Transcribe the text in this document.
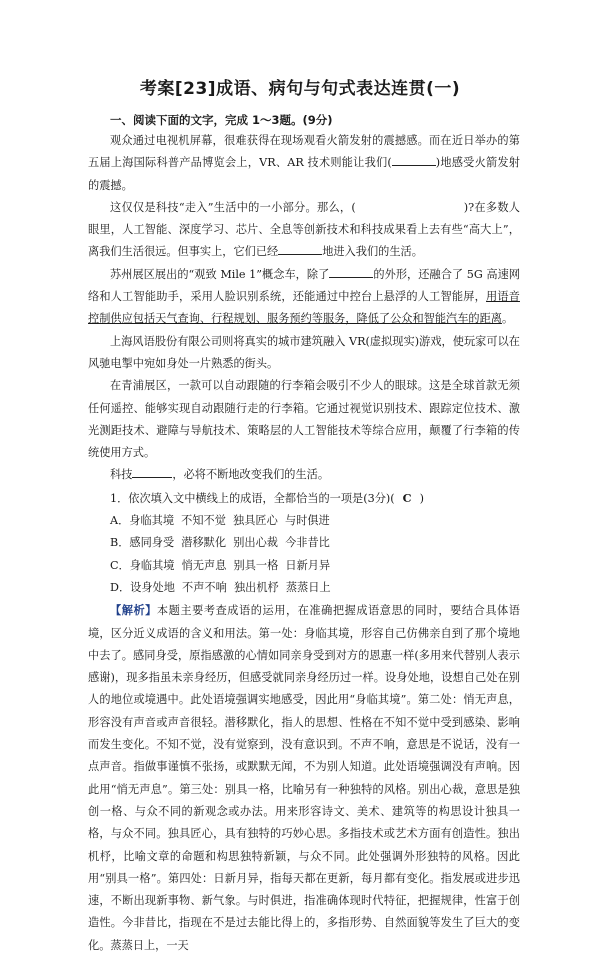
考案[23]成语、病句与句式表达连贯(一)
一、阅读下面的文字，完成 1～3题。(9分)

观众通过电视机屏幕，很难获得在现场观看火箭发射的震撼感。而在近日举办的第五届上海国际科普产品博览会上，VR、AR 技术则能让我们(	)地感受火箭发射的震撼。

这仅仅是科技“走入”生活中的一小部分。那么，(	)?在多数人眼里，人工智能、深度学习、芯片、全息等创新技术和科技成果看上去有些“高大上”，离我们生活很远。但事实上，它们已经	地进入我们的生活。

苏州展区展出的“观致 Mile 1”概念车，除了	的外形，还融合了 5G 高速网络和人工智能助手，采用人脸识别系统，还能通过中控台上悬浮的人工智能屏，用语音控制供应包括天气查询、行程规划、服务预约等服务，降低了公众和智能汽车的距离。

上海风语股份有限公司则将真实的城市建筑融入 VR(虚拟现实)游戏，使玩家可以在风驰电掣中宛如身处一片熟悉的街头。

在青浦展区，一款可以自动跟随的行李箱会吸引不少人的眼球。这是全球首款无须任何遥控、能够实现自动跟随行走的行李箱。它通过视觉识别技术、跟踪定位技术、激光测距技术、避障与导航技术、策略层的人工智能技术等综合应用，颠覆了行李箱的传统使用方式。

科技	，必将不断地改变我们的生活。

1．依次填入文中横线上的成语，全都恰当的一项是(3分)( C )

A．身临其境 不知不觉 独具匠心 与时俱进

B．感同身受 潜移默化 别出心裁 今非昔比

C．身临其境 悄无声息 别具一格 日新月异

D．设身处地 不声不响 独出机杼 蒸蒸日上

【解析】本题主要考查成语的运用，在准确把握成语意思的同时，要结合具体语境，区分近义成语的含义和用法。第一处：身临其境，形容自己仿佛亲自到了那个境地中去了。感同身受，原指感激的心情如同亲身受到对方的恩惠一样(多用来代替别人表示感谢)，现多指虽未亲身经历，但感受就同亲身经历过一样。设身处地，设想自己处在别人的地位或境遇中。此处语境强调实地感受，因此用“身临其境”。第二处：悄无声息，形容没有声音或声音很轻。潜移默化，指人的思想、性格在不知不觉中受到感染、影响而发生变化。不知不觉，没有觉察到，没有意识到。不声不响，意思是不说话，没有一点声音。指做事谨慎不张扬，或默默无闻，不为别人知道。此处语境强调没有声响。因此用“悄无声息”。第三处：别具一格，比喻另有一种独特的风格。别出心裁，意思是独创一格、与众不同的新观念或办法。用来形容诗文、美术、建筑等的构思设计独具一格，与众不同。独具匠心，具有独特的巧妙心思。多指技术或艺术方面有创造性。独出机杼，比喻文章的命题和构思独特新颖，与众不同。此处强调外形独特的风格。因此用“别具一格”。第四处：日新月异，指每天都在更新，每月都有变化。指发展或进步迅速，不断出现新事物、新气象。与时俱进，指准确体现时代特征，把握规律，性富于创造性。今非昔比，指现在不是过去能比得上的，多指形势、自然面貌等发生了巨大的变化。蒸蒸日上，一天
